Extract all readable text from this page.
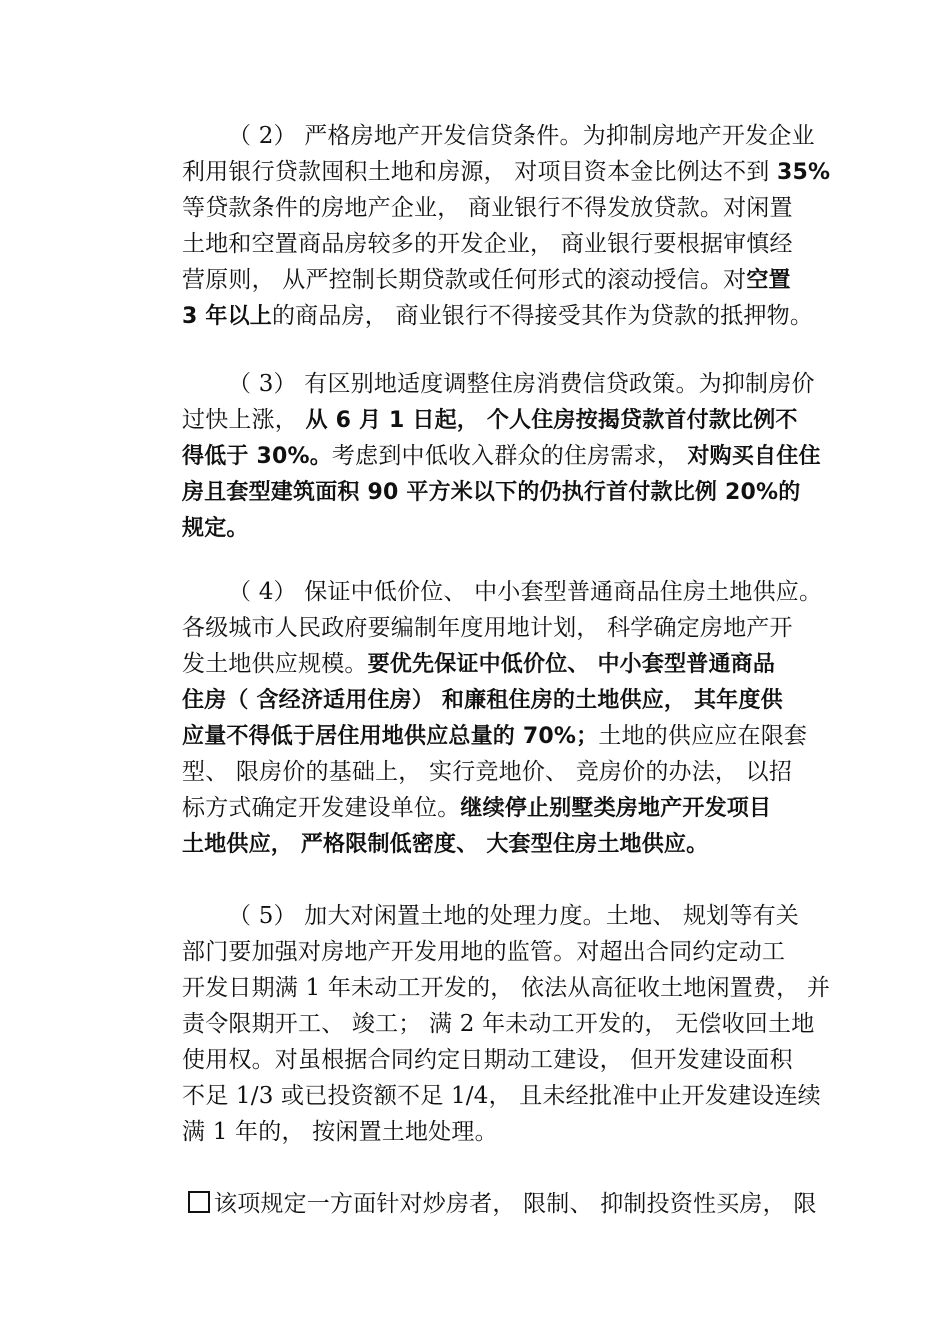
（ 2） 严格房地产开发信贷条件。为抑制房地产开发企业
利用银行贷款囤积土地和房源， 对项目资本金比例达不到 35%
等贷款条件的房地产企业， 商业银行不得发放贷款。对闲置
土地和空置商品房较多的开发企业， 商业银行要根据审慎经
营原则， 从严控制长期贷款或任何形式的滚动授信。对空置
3 年以上的商品房， 商业银行不得接受其作为贷款的抵押物。
（ 3） 有区别地适度调整住房消费信贷政策。为抑制房价
过快上涨， 从 6 月 1 日起， 个人住房按揭贷款首付款比例不
得低于 30%。考虑到中低收入群众的住房需求， 对购买自住住
房且套型建筑面积 90 平方米以下的仍执行首付款比例 20%的
规定。
（ 4） 保证中低价位、 中小套型普通商品住房土地供应。
各级城市人民政府要编制年度用地计划， 科学确定房地产开
发土地供应规模。要优先保证中低价位、 中小套型普通商品
住房（ 含经济适用住房） 和廉租住房的土地供应， 其年度供
应量不得低于居住用地供应总量的 70%；土地的供应应在限套
型、 限房价的基础上， 实行竞地价、 竞房价的办法， 以招
标方式确定开发建设单位。继续停止别墅类房地产开发项目
土地供应， 严格限制低密度、 大套型住房土地供应。
（ 5） 加大对闲置土地的处理力度。土地、 规划等有关
部门要加强对房地产开发用地的监管。对超出合同约定动工
开发日期满 1 年未动工开发的， 依法从高征收土地闲置费， 并
责令限期开工、 竣工； 满 2 年未动工开发的， 无偿收回土地
使用权。对虽根据合同约定日期动工建设， 但开发建设面积
不足 1/3 或已投资额不足 1/4， 且未经批准中止开发建设连续
满 1 年的， 按闲置土地处理。
该项规定一方面针对炒房者， 限制、 抑制投资性买房， 限
